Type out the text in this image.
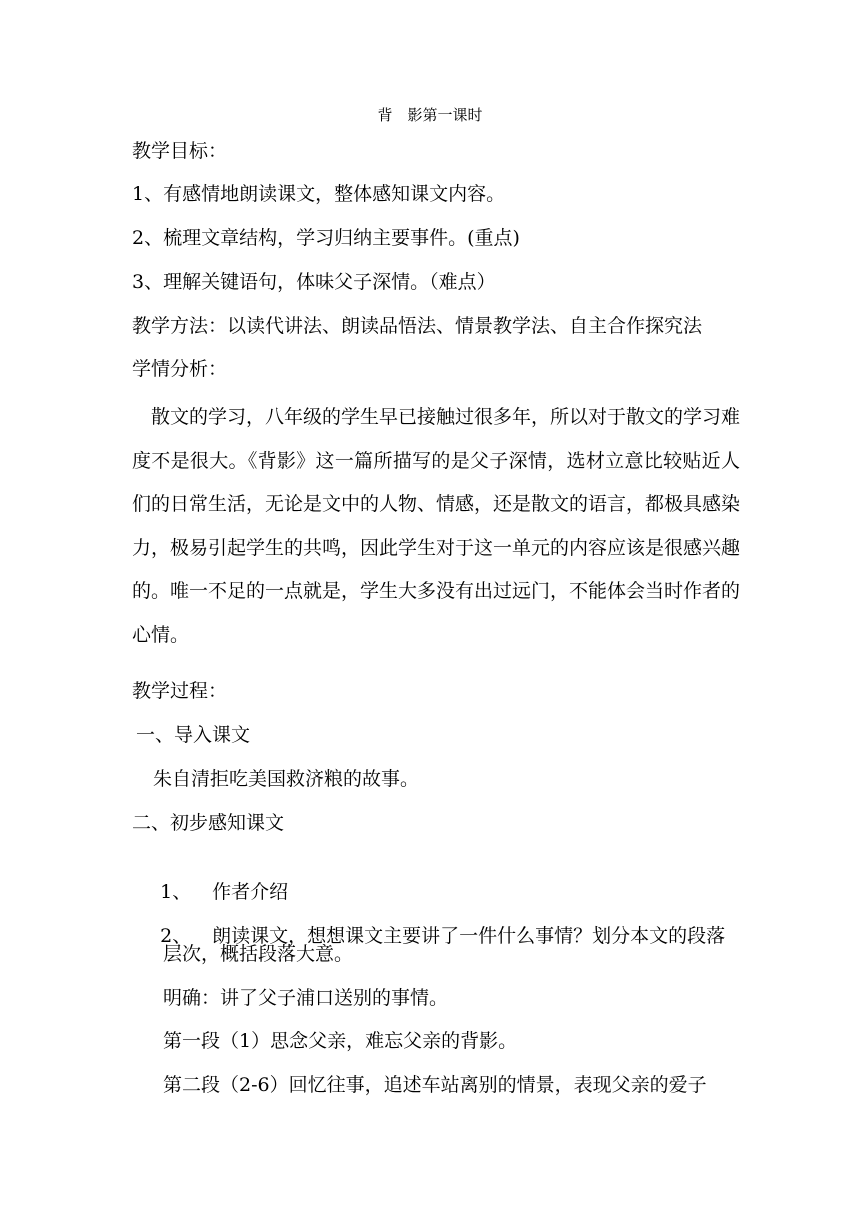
背　影第一课时
教学目标：
1、有感情地朗读课文，整体感知课文内容。
2、梳理文章结构，学习归纳主要事件。(重点)
3、理解关键语句，体味父子深情。（难点）
教学方法：以读代讲法、朗读品悟法、情景教学法、自主合作探究法
学情分析：

　散文的学习，八年级的学生早已接触过很多年，所以对于散文的学习难度不是很大。《背影》这一篇所描写的是父子深情，选材立意比较贴近人们的日常生活，无论是文中的人物、情感，还是散文的语言，都极具感染力，极易引起学生的共鸣，因此学生对于这一单元的内容应该是很感兴趣的。唯一不足的一点就是，学生大多没有出过远门，不能体会当时作者的心情。

教学过程：
一、导入课文
朱自清拒吃美国救济粮的故事。
二、初步感知课文

1、 作者介绍

2、 朗读课文，想想课文主要讲了一件什么事情？划分本文的段落

层次，概括段落大意。
明确：讲了父子浦口送别的事情。
第一段（1）思念父亲，难忘父亲的背影。
第二段（2-6）回忆往事，追述车站离别的情景，表现父亲的爱子
